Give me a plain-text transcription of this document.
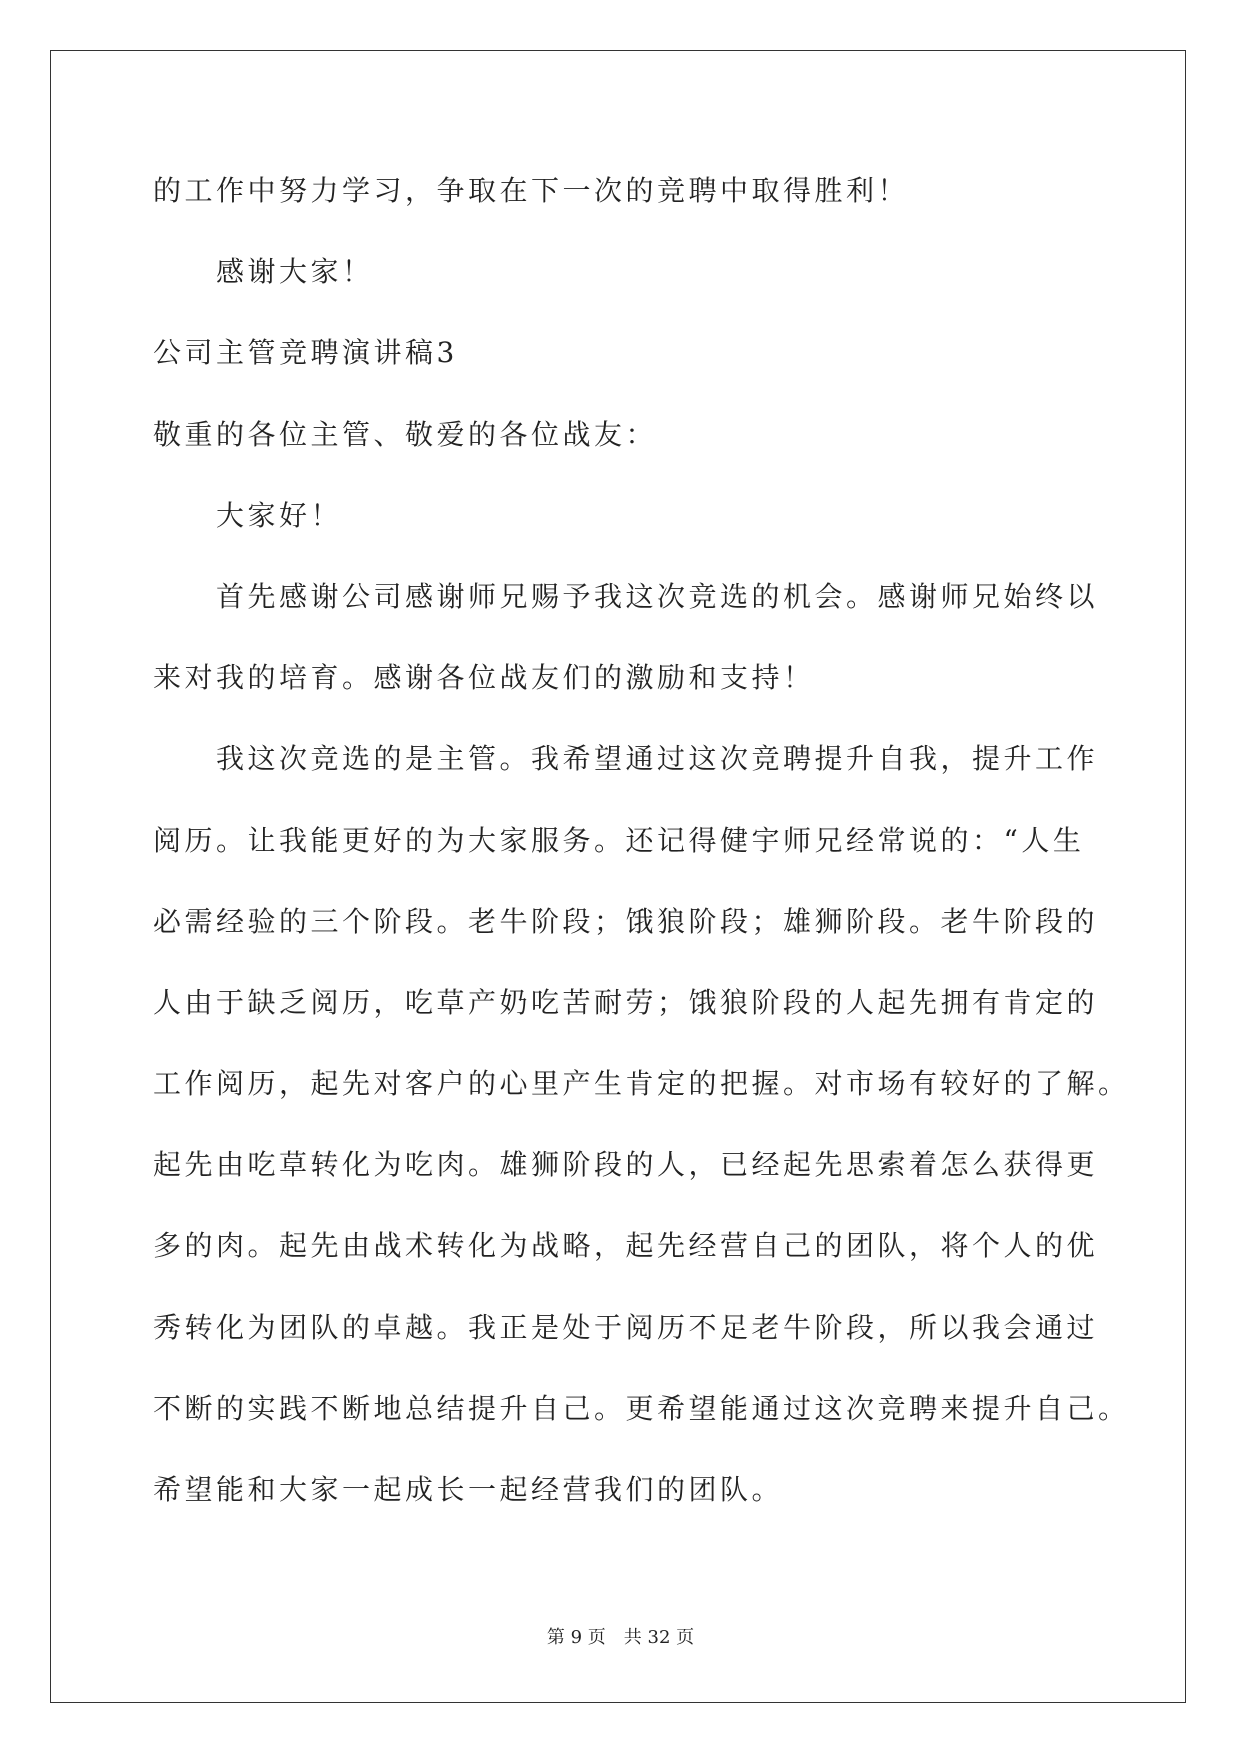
的工作中努力学习，争取在下一次的竞聘中取得胜利！
感谢大家！
公司主管竞聘演讲稿3
敬重的各位主管、敬爱的各位战友：
大家好！
首先感谢公司感谢师兄赐予我这次竞选的机会。感谢师兄始终以
来对我的培育。感谢各位战友们的激励和支持！
我这次竞选的是主管。我希望通过这次竞聘提升自我，提升工作
阅历。让我能更好的为大家服务。还记得健宇师兄经常说的：“人生
必需经验的三个阶段。老牛阶段；饿狼阶段；雄狮阶段。老牛阶段的
人由于缺乏阅历，吃草产奶吃苦耐劳；饿狼阶段的人起先拥有肯定的
工作阅历，起先对客户的心里产生肯定的把握。对市场有较好的了解。
起先由吃草转化为吃肉。雄狮阶段的人，已经起先思索着怎么获得更
多的肉。起先由战术转化为战略，起先经营自己的团队，将个人的优
秀转化为团队的卓越。我正是处于阅历不足老牛阶段，所以我会通过
不断的实践不断地总结提升自己。更希望能通过这次竞聘来提升自己。
希望能和大家一起成长一起经营我们的团队。
第 9 页 共 32 页
